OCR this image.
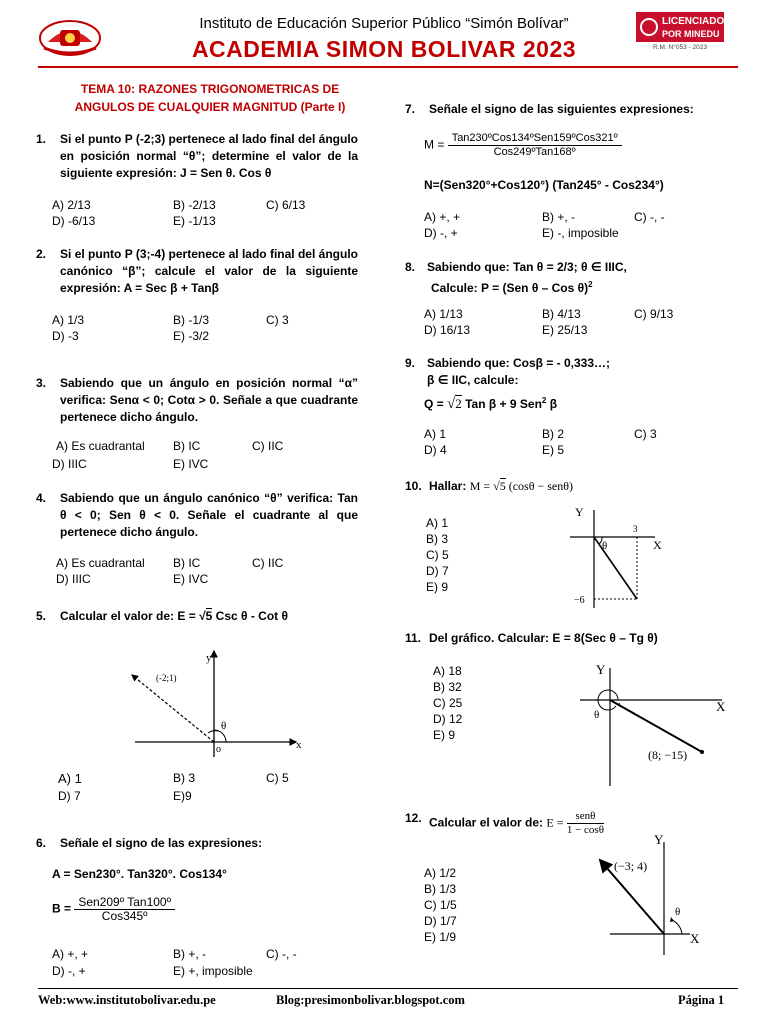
Instituto de Educación Superior Público “Simón Bolívar”
ACADEMIA SIMON BOLIVAR 2023
LICENCIADO
POR MINEDU
R.M. N°053 - 2023
TEMA 10: RAZONES TRIGONOMETRICAS DE
ANGULOS DE CUALQUIER MAGNITUD (Parte I)
1. Si el punto P (-2;3) pertenece al lado final del ángulo en posición normal “θ”; determine el valor de la siguiente expresión: J = Sen θ. Cos θ
A) 2/13	B) -2/13	C) 6/13
D) -6/13	E) -1/13
2. Si el punto P (3;-4) pertenece al lado final del ángulo canónico “β”; calcule el valor de la siguiente expresión: A = Sec β + Tanβ
A) 1/3	B) -1/3	C) 3
D) -3	E) -3/2
3. Sabiendo que un ángulo en posición normal “α” verifica: Senα < 0; Cotα > 0. Señale a que cuadrante pertenece dicho ángulo.
A) Es cuadrantal B) IC	C) IIC
D) IIIC	E) IVC
4. Sabiendo que un ángulo canónico “θ” verifica: Tan θ < 0; Sen θ < 0. Señale el cuadrante al que pertenece dicho ángulo.
A) Es cuadrantal B) IC	C) IIC
D) IIIC	E) IVC
5. Calcular el valor de: E = √5 Csc θ - Cot θ
(-2;1)
y
x
θ
o
A) 1	B) 3	C) 5
D) 7	E)9
6. Señale el signo de las expresiones:
A = Sen230°. Tan320°. Cos134°
$B = \frac{\text{Sen209º Tan100º}}{\text{Cos345º}}$
A) +, +	B) +, -	C) -, -
D) -, +	E) +, imposible
7. Señale el signo de las siguientes expresiones:
$M = \frac{\text{Tan230ºCos134ºSen159ºCos321º}}{\text{Cos249ºTan168º}}$
N=(Sen320°+Cos120°) (Tan245° - Cos234°)
A) +, +	B) +, -	C) -, -
D) -, +	E) -, imposible
8. Sabiendo que: Tan θ = 2/3; θ ∈ IIIC,
Calcule: P = (Sen θ – Cos θ)$^2$
A) 1/13	B) 4/13	C) 9/13
D) 16/13	E) 25/13
9. Sabiendo que: Cosβ = - 0,333…;
β ∈ IIC, calcule:
Q = √2 Tan β + 9 Sen$^2$ β
A) 1	B) 2	C) 3
D) 4	E) 5
10. Hallar: M = √5 (cosθ − senθ)
A) 1
B) 3
C) 5
D) 7
E) 9
Y
X
3
−6
θ
11. Del gráfico. Calcular: E = 8(Sec θ – Tg θ)
A) 18
B) 32
C) 25
D) 12
E) 9
Y
X
θ
(8; −15)
12. Calcular el valor de: $E = \frac{\text{senθ}}{1 - \cos\theta}$
A) 1/2
B) 1/3
C) 1/5
D) 1/7
E) 1/9
Y
X
θ
(−3; 4)
Web:www.institutobolivar.edu.pe	Blog:presimonbolivar.blogspot.com	Página 1
